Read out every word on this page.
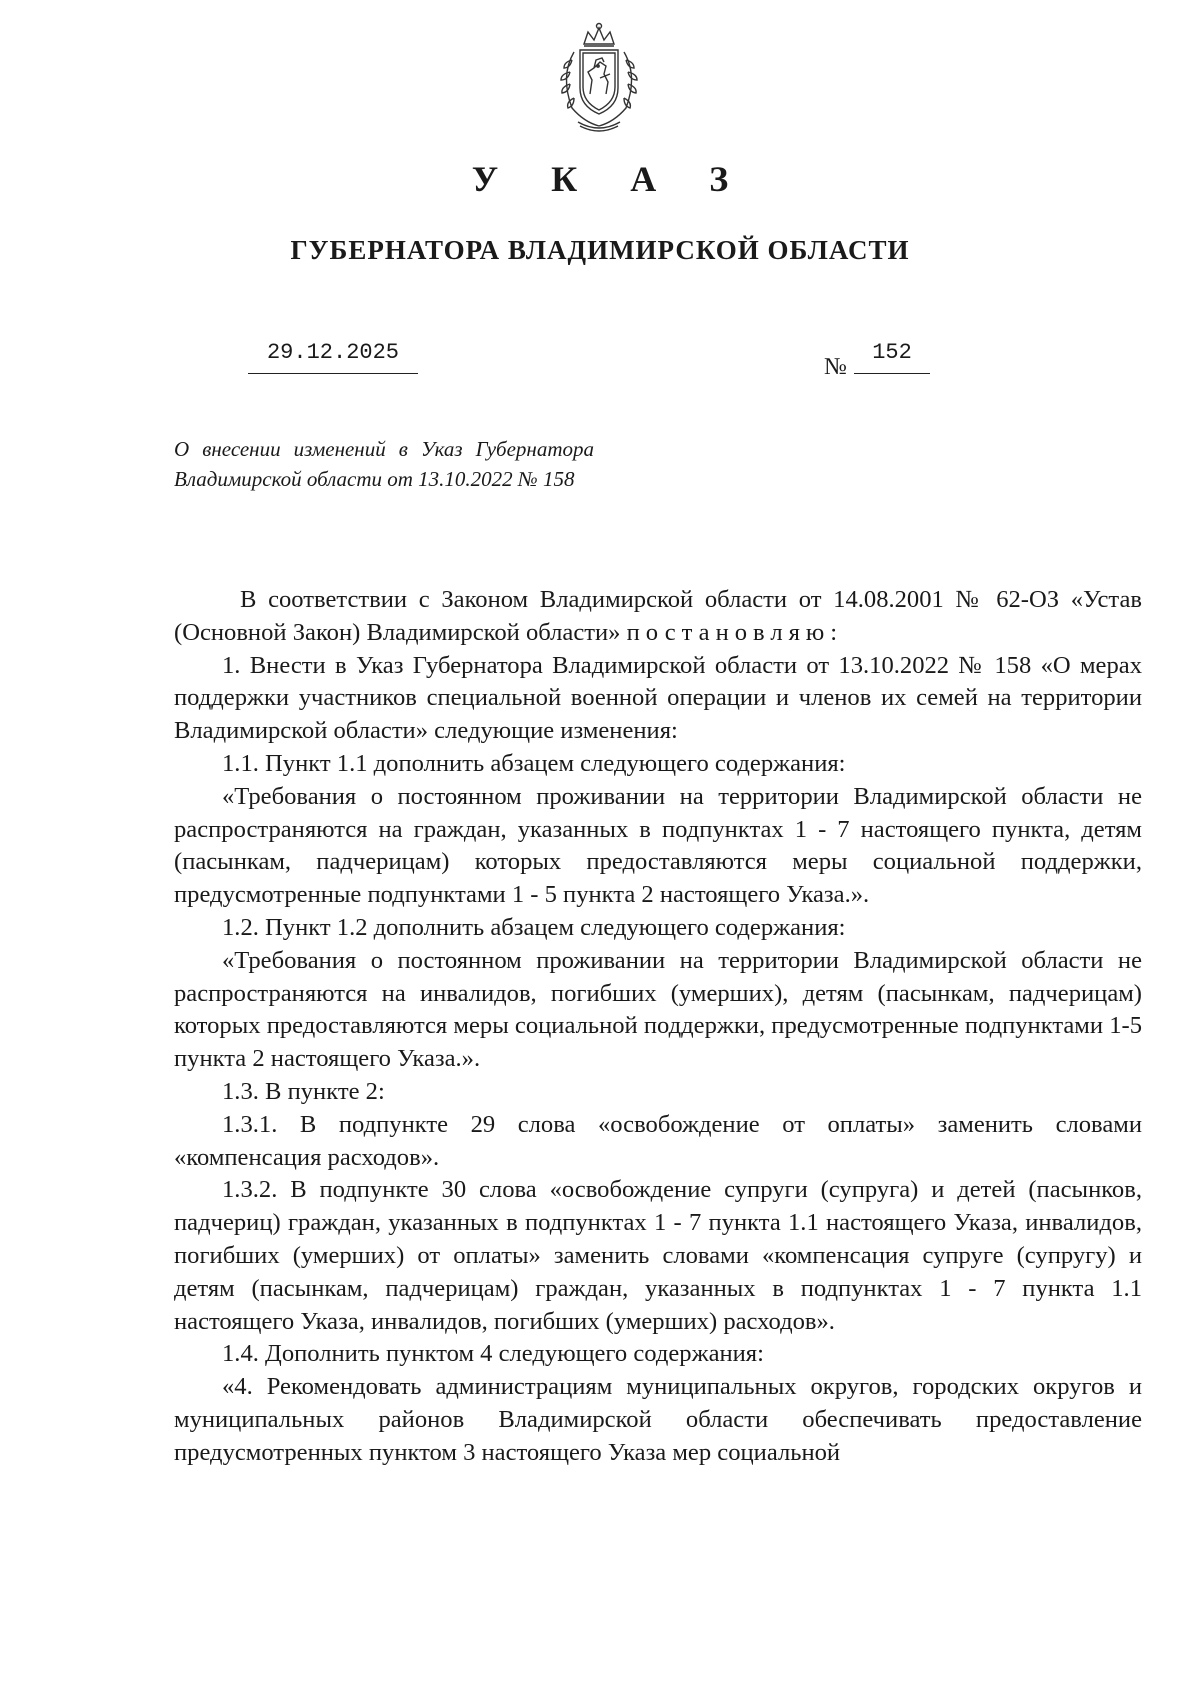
У К А З
ГУБЕРНАТОРА ВЛАДИМИРСКОЙ ОБЛАСТИ
29.12.2025
№
152

О внесении изменений в Указ Губернатора Владимирской области от 13.10.2022 № 158

В соответствии с Законом Владимирской области от 14.08.2001 № 62-ОЗ «Устав (Основной Закон) Владимирской области» постановляю:

1. Внести в Указ Губернатора Владимирской области от 13.10.2022 № 158 «О мерах поддержки участников специальной военной операции и членов их семей на территории Владимирской области» следующие изменения:

1.1. Пункт 1.1 дополнить абзацем следующего содержания:

«Требования о постоянном проживании на территории Владимирской области не распространяются на граждан, указанных в подпунктах 1 - 7 настоящего пункта, детям (пасынкам, падчерицам) которых предоставляются меры социальной поддержки, предусмотренные подпунктами 1 - 5 пункта 2 настоящего Указа.».

1.2. Пункт 1.2 дополнить абзацем следующего содержания:

«Требования о постоянном проживании на территории Владимирской области не распространяются на инвалидов, погибших (умерших), детям (пасынкам, падчерицам) которых предоставляются меры социальной поддержки, предусмотренные подпунктами 1-5 пункта 2 настоящего Указа.».

1.3. В пункте 2:

1.3.1. В подпункте 29 слова «освобождение от оплаты» заменить словами «компенсация расходов».

1.3.2. В подпункте 30 слова «освобождение супруги (супруга) и детей (пасынков, падчериц) граждан, указанных в подпунктах 1 - 7 пункта 1.1 настоящего Указа, инвалидов, погибших (умерших) от оплаты» заменить словами «компенсация супруге (супругу) и детям (пасынкам, падчерицам) граждан, указанных в подпунктах 1 - 7 пункта 1.1 настоящего Указа, инвалидов, погибших (умерших) расходов».

1.4. Дополнить пунктом 4 следующего содержания:

«4. Рекомендовать администрациям муниципальных округов, городских округов и муниципальных районов Владимирской области обеспечивать предоставление предусмотренных пунктом 3 настоящего Указа мер социальной
